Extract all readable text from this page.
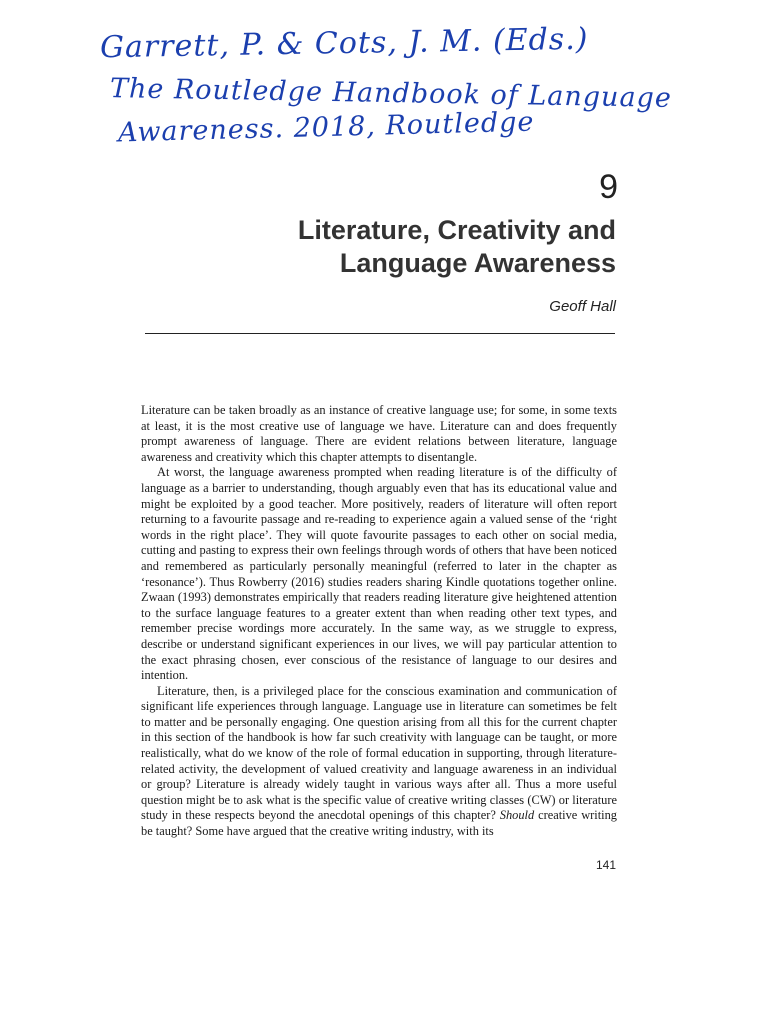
Garrett, P. & Cots, J. M. (Eds.)
The Routledge Handbook of Language
Awareness. 2018, Routledge
9
Literature, Creativity and
Language Awareness
Geoff Hall

Literature can be taken broadly as an instance of creative language use; for some, in some texts at least, it is the most creative use of language we have. Literature can and does frequently prompt awareness of language. There are evident relations between literature, language awareness and creativity which this chapter attempts to disentangle.

At worst, the language awareness prompted when reading literature is of the difficulty of language as a barrier to understanding, though arguably even that has its educational value and might be exploited by a good teacher. More positively, readers of literature will often report returning to a favourite passage and re-reading to experience again a valued sense of the ‘right words in the right place’. They will quote favourite passages to each other on social media, cutting and pasting to express their own feelings through words of others that have been noticed and remembered as particularly personally meaningful (referred to later in the chapter as ‘resonance’). Thus Rowberry (2016) studies readers sharing Kindle quotations together online. Zwaan (1993) demonstrates empirically that readers reading literature give heightened attention to the surface language features to a greater extent than when reading other text types, and remember precise wordings more accurately. In the same way, as we struggle to express, describe or understand significant experiences in our lives, we will pay particular attention to the exact phrasing chosen, ever conscious of the resistance of language to our desires and intention.

Literature, then, is a privileged place for the conscious examination and communication of significant life experiences through language. Language use in literature can sometimes be felt to matter and be personally engaging. One question arising from all this for the current chapter in this section of the handbook is how far such creativity with language can be taught, or more realistically, what do we know of the role of formal education in supporting, through literature-related activity, the development of valued creativity and language awareness in an individual or group? Literature is already widely taught in various ways after all. Thus a more useful question might be to ask what is the specific value of creative writing classes (CW) or literature study in these respects beyond the anecdotal openings of this chapter? Should creative writing be taught? Some have argued that the creative writing industry, with its

141
